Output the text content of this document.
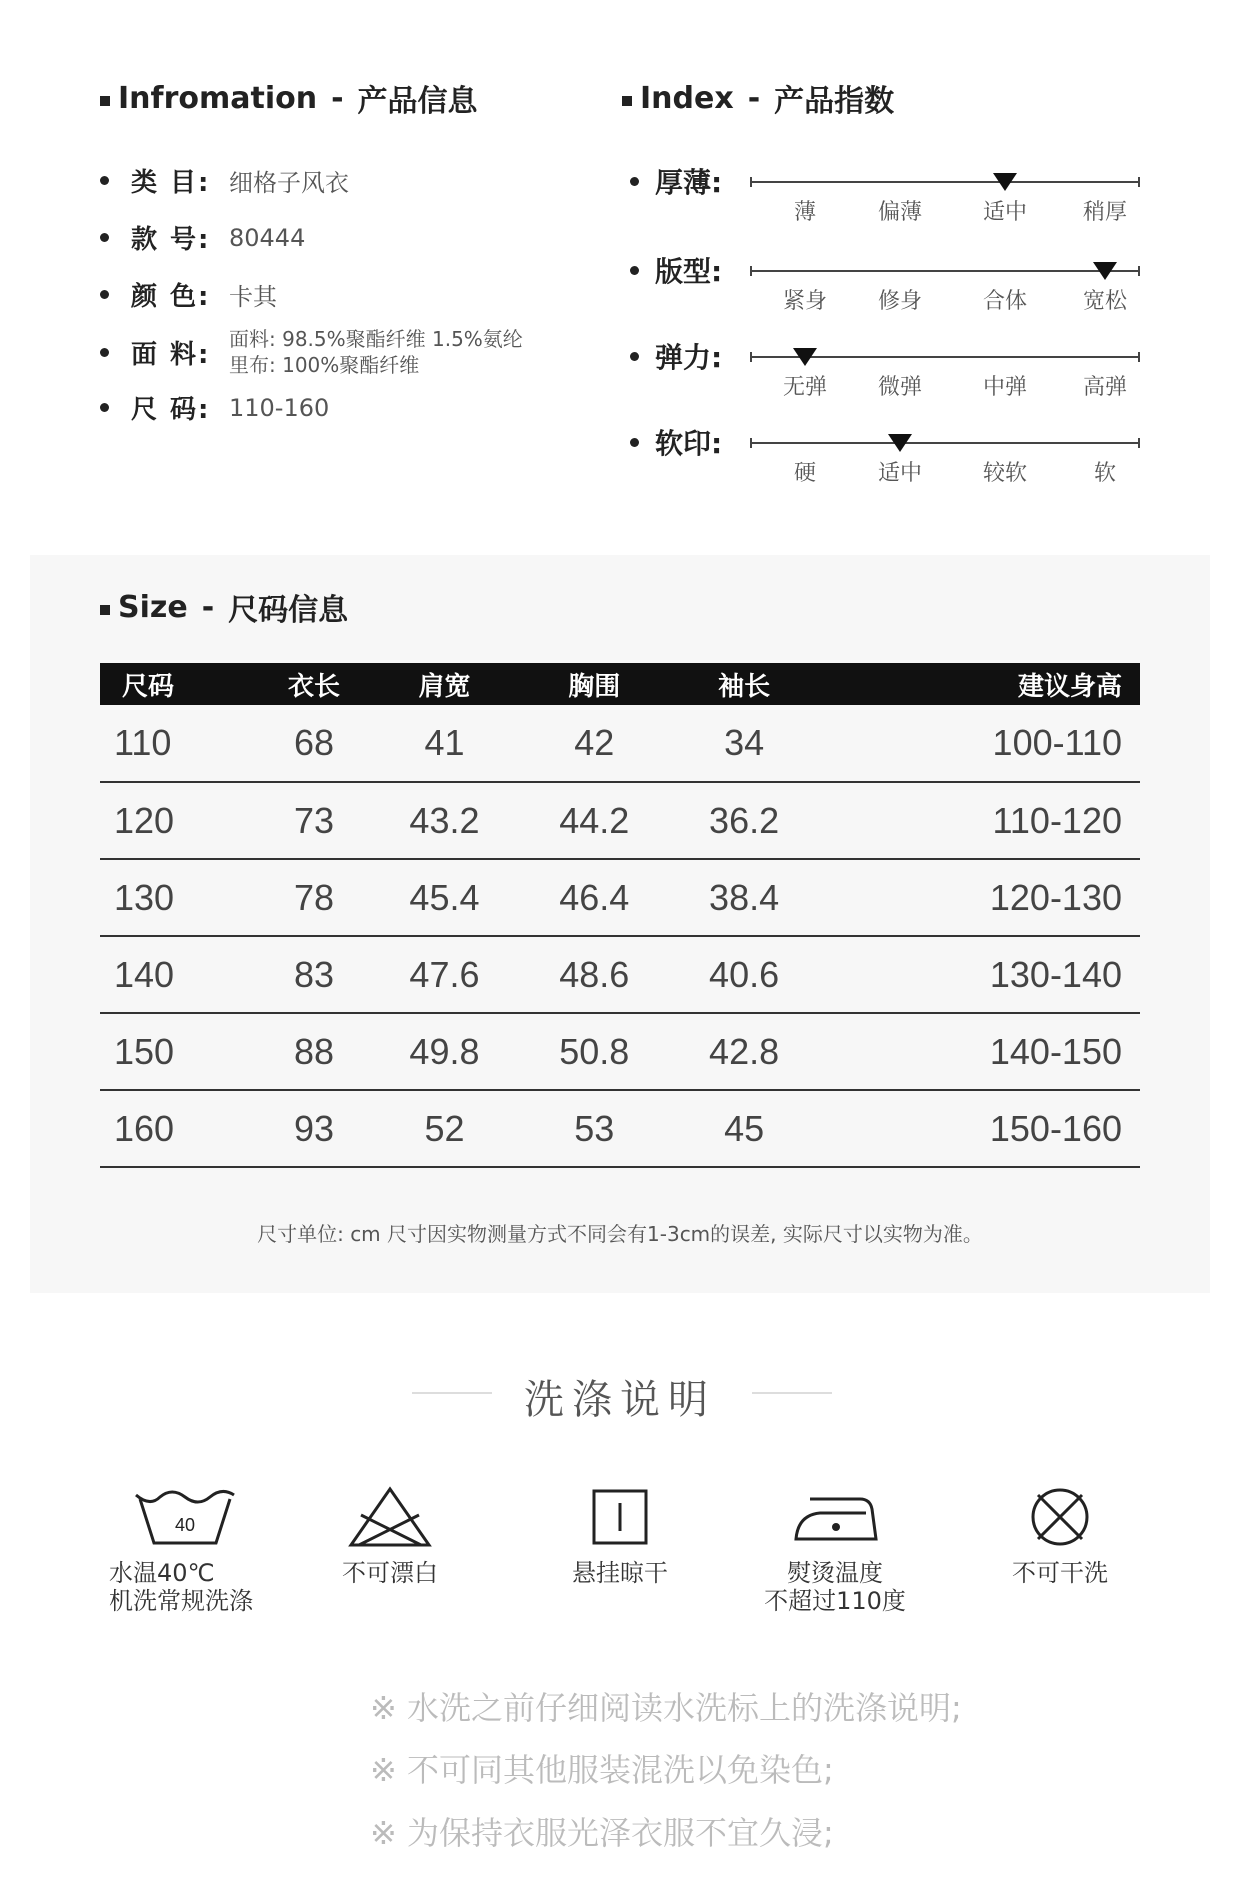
Infromation - 产品信息
类 目: 细格子风衣
款 号: 80444
颜 色: 卡其
面 料:
面料: 98.5%聚酯纤维 1.5%氨纶
里布: 100%聚酯纤维
尺 码: 110-160
Index - 产品指数
厚薄:
薄	偏薄	适中	稍厚
版型:
紧身	修身	合体	宽松
弹力:
无弹	微弹	中弹	高弹
软印:
硬	适中	较软	软
Size - 尺码信息
尺码	衣长	肩宽	胸围	袖长	建议身高
110	68	41	42	34	100-110
120	73	43.2	44.2	36.2	110-120
130	78	45.4	46.4	38.4	120-130
140	83	47.6	48.6	40.6	130-140
150	88	49.8	50.8	42.8	140-150
160	93	52	53	45	150-160
尺寸单位: cm 尺寸因实物测量方式不同会有1-3cm的误差, 实际尺寸以实物为准。
洗涤说明
40
水温40℃
机洗常规洗涤
不可漂白	悬挂晾干	熨烫温度
不超过110度
不可干洗
※ 水洗之前仔细阅读水洗标上的洗涤说明;
※ 不可同其他服装混洗以免染色;
※ 为保持衣服光泽衣服不宜久浸;
